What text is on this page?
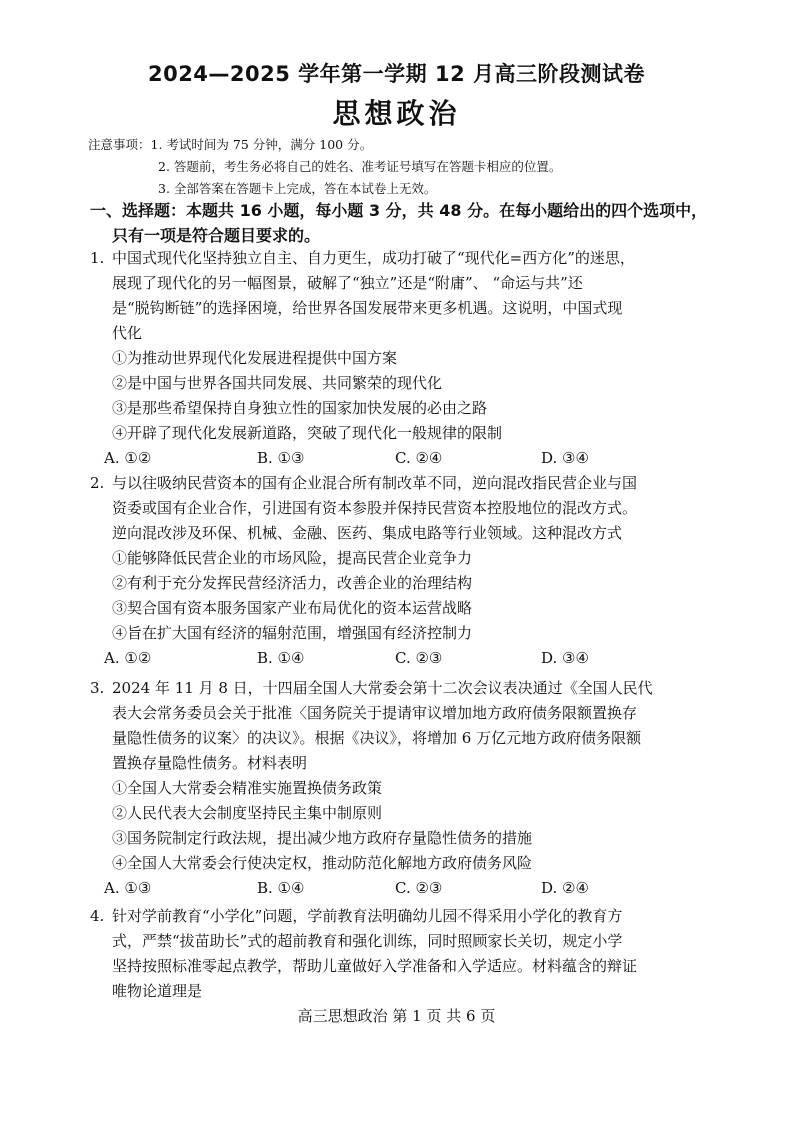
2024—2025 学年第一学期 12 月高三阶段测试卷
思想政治
注意事项：1. 考试时间为 75 分钟，满分 100 分。
2. 答题前，考生务必将自己的姓名、准考证号填写在答题卡相应的位置。
3. 全部答案在答题卡上完成，答在本试卷上无效。
一、选择题：本题共 16 小题，每小题 3 分，共 48 分。在每小题给出的四个选项中，
只有一项是符合题目要求的。
1. 中国式现代化坚持独立自主、自力更生，成功打破了“现代化=西方化”的迷思，
展现了现代化的另一幅图景，破解了“独立”还是“附庸”、 “命运与共”还
是“脱钩断链”的选择困境，给世界各国发展带来更多机遇。这说明，中国式现
代化
①为推动世界现代化发展进程提供中国方案
②是中国与世界各国共同发展、共同繁荣的现代化
③是那些希望保持自身独立性的国家加快发展的必由之路
④开辟了现代化发展新道路，突破了现代化一般规律的限制
A. ①②	B. ①③	C. ②④	D. ③④
2. 与以往吸纳民营资本的国有企业混合所有制改革不同，逆向混改指民营企业与国
资委或国有企业合作，引进国有资本参股并保持民营资本控股地位的混改方式。
逆向混改涉及环保、机械、金融、医药、集成电路等行业领域。这种混改方式
①能够降低民营企业的市场风险，提高民营企业竞争力
②有利于充分发挥民营经济活力，改善企业的治理结构
③契合国有资本服务国家产业布局优化的资本运营战略
④旨在扩大国有经济的辐射范围，增强国有经济控制力
A. ①②	B. ①④	C. ②③	D. ③④
3. 2024 年 11 月 8 日，十四届全国人大常委会第十二次会议表决通过《全国人民代
表大会常务委员会关于批准〈国务院关于提请审议增加地方政府债务限额置换存
量隐性债务的议案〉的决议》。根据《决议》，将增加 6 万亿元地方政府债务限额
置换存量隐性债务。材料表明
①全国人大常委会精准实施置换债务政策
②人民代表大会制度坚持民主集中制原则
③国务院制定行政法规，提出减少地方政府存量隐性债务的措施
④全国人大常委会行使决定权，推动防范化解地方政府债务风险
A. ①③	B. ①④	C. ②③	D. ②④
4. 针对学前教育“小学化”问题，学前教育法明确幼儿园不得采用小学化的教育方
式，严禁“拔苗助长”式的超前教育和强化训练，同时照顾家长关切，规定小学
坚持按照标准零起点教学，帮助儿童做好入学准备和入学适应。材料蕴含的辩证
唯物论道理是
高三思想政治 第 1 页 共 6 页
